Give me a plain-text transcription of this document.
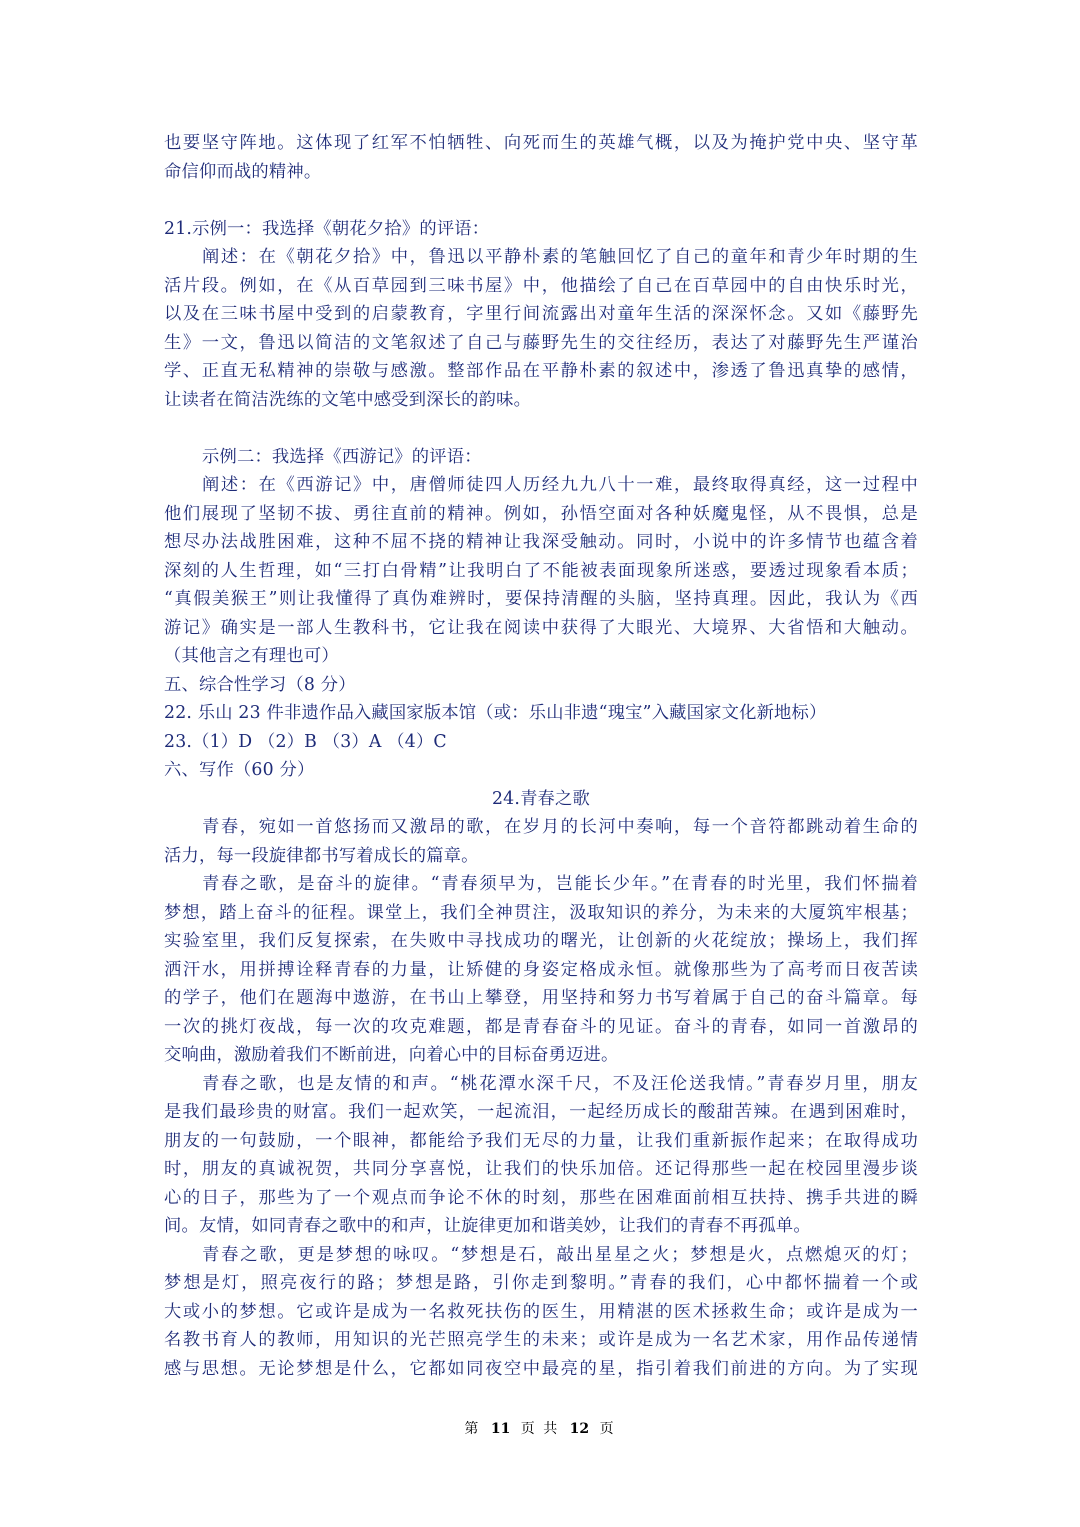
也要坚守阵地。这体现了红军不怕牺牲、向死而生的英雄气概，以及为掩护党中央、坚守革
命信仰而战的精神。
21.示例一：我选择《朝花夕拾》的评语：
阐述：在《朝花夕拾》中，鲁迅以平静朴素的笔触回忆了自己的童年和青少年时期的生
活片段。例如，在《从百草园到三味书屋》中，他描绘了自己在百草园中的自由快乐时光，
以及在三味书屋中受到的启蒙教育，字里行间流露出对童年生活的深深怀念。又如《藤野先
生》一文，鲁迅以简洁的文笔叙述了自己与藤野先生的交往经历，表达了对藤野先生严谨治
学、正直无私精神的崇敬与感激。整部作品在平静朴素的叙述中，渗透了鲁迅真挚的感情，
让读者在简洁洗练的文笔中感受到深长的韵味。
示例二：我选择《西游记》的评语：
阐述：在《西游记》中，唐僧师徒四人历经九九八十一难，最终取得真经，这一过程中
他们展现了坚韧不拔、勇往直前的精神。例如，孙悟空面对各种妖魔鬼怪，从不畏惧，总是
想尽办法战胜困难，这种不屈不挠的精神让我深受触动。同时，小说中的许多情节也蕴含着
深刻的人生哲理，如“三打白骨精”让我明白了不能被表面现象所迷惑，要透过现象看本质；
“真假美猴王”则让我懂得了真伪难辨时，要保持清醒的头脑，坚持真理。因此，我认为《西
游记》确实是一部人生教科书，它让我在阅读中获得了大眼光、大境界、大省悟和大触动。
（其他言之有理也可）
五、综合性学习（8 分）
22. 乐山 23 件非遗作品入藏国家版本馆（或：乐山非遗“瑰宝”入藏国家文化新地标）
23.（1）D （2）B （3）A （4）C
六、写作（60 分）
24.青春之歌
青春，宛如一首悠扬而又激昂的歌，在岁月的长河中奏响，每一个音符都跳动着生命的
活力，每一段旋律都书写着成长的篇章。
青春之歌，是奋斗的旋律。“青春须早为，岂能长少年。”在青春的时光里，我们怀揣着
梦想，踏上奋斗的征程。课堂上，我们全神贯注，汲取知识的养分，为未来的大厦筑牢根基；
实验室里，我们反复探索，在失败中寻找成功的曙光，让创新的火花绽放；操场上，我们挥
洒汗水，用拼搏诠释青春的力量，让矫健的身姿定格成永恒。就像那些为了高考而日夜苦读
的学子，他们在题海中遨游，在书山上攀登，用坚持和努力书写着属于自己的奋斗篇章。每
一次的挑灯夜战，每一次的攻克难题，都是青春奋斗的见证。奋斗的青春，如同一首激昂的
交响曲，激励着我们不断前进，向着心中的目标奋勇迈进。
青春之歌，也是友情的和声。“桃花潭水深千尺，不及汪伦送我情。”青春岁月里，朋友
是我们最珍贵的财富。我们一起欢笑，一起流泪，一起经历成长的酸甜苦辣。在遇到困难时，
朋友的一句鼓励，一个眼神，都能给予我们无尽的力量，让我们重新振作起来；在取得成功
时，朋友的真诚祝贺，共同分享喜悦，让我们的快乐加倍。还记得那些一起在校园里漫步谈
心的日子，那些为了一个观点而争论不休的时刻，那些在困难面前相互扶持、携手共进的瞬
间。友情，如同青春之歌中的和声，让旋律更加和谐美妙，让我们的青春不再孤单。
青春之歌，更是梦想的咏叹。“梦想是石，敲出星星之火；梦想是火，点燃熄灭的灯；
梦想是灯，照亮夜行的路；梦想是路，引你走到黎明。”青春的我们，心中都怀揣着一个或
大或小的梦想。它或许是成为一名救死扶伤的医生，用精湛的医术拯救生命；或许是成为一
名教书育人的教师，用知识的光芒照亮学生的未来；或许是成为一名艺术家，用作品传递情
感与思想。无论梦想是什么，它都如同夜空中最亮的星，指引着我们前进的方向。为了实现
第 11 页 共 12 页
